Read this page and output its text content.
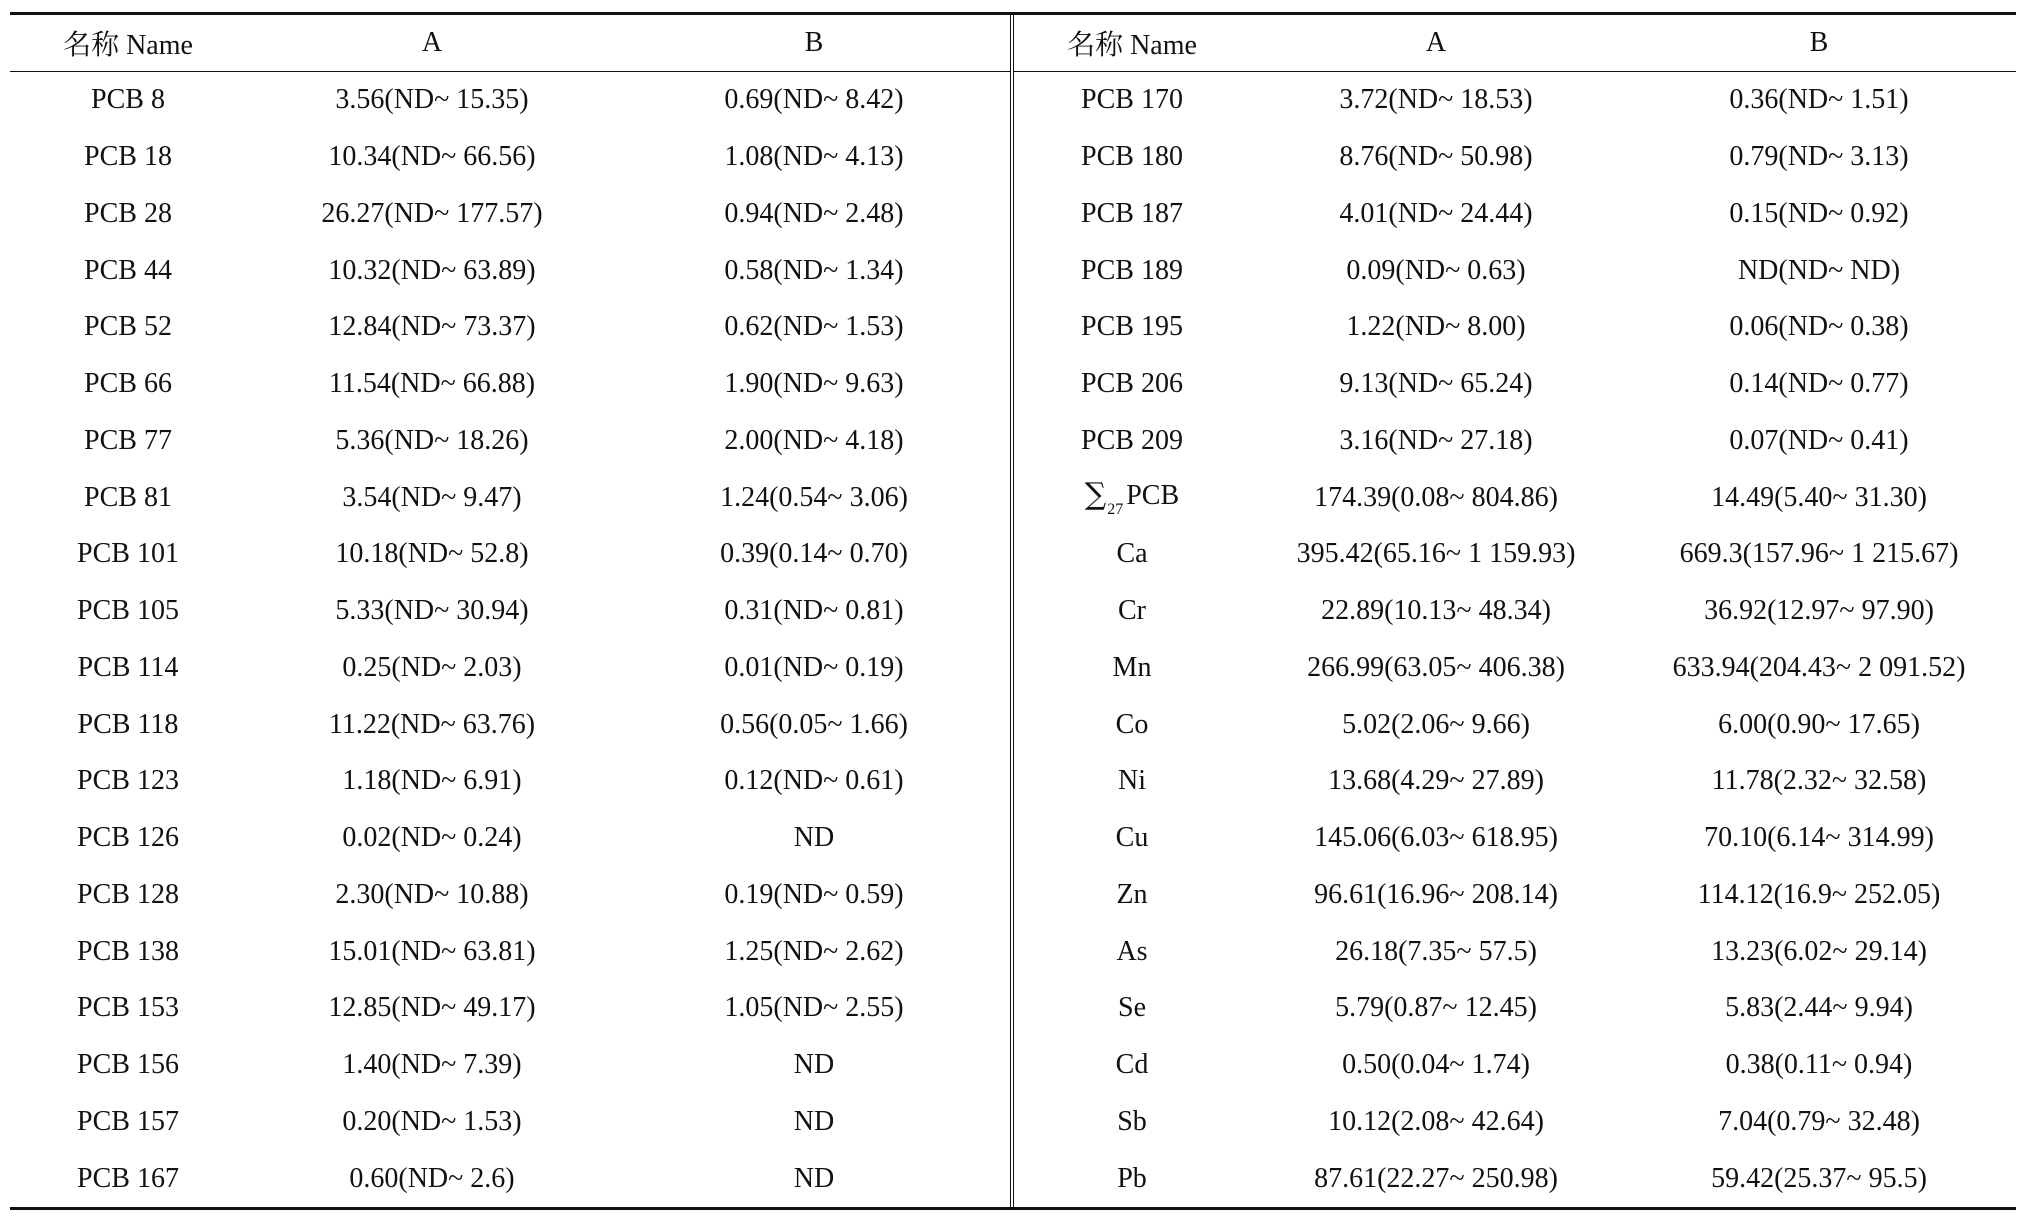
名称 Name	A	B
PCB 8	3.56(ND~ 15.35)	0.69(ND~ 8.42)
PCB 18	10.34(ND~ 66.56)	1.08(ND~ 4.13)
PCB 28	26.27(ND~ 177.57)	0.94(ND~ 2.48)
PCB 44	10.32(ND~ 63.89)	0.58(ND~ 1.34)
PCB 52	12.84(ND~ 73.37)	0.62(ND~ 1.53)
PCB 66	11.54(ND~ 66.88)	1.90(ND~ 9.63)
PCB 77	5.36(ND~ 18.26)	2.00(ND~ 4.18)
PCB 81	3.54(ND~ 9.47)	1.24(0.54~ 3.06)
PCB 101	10.18(ND~ 52.8)	0.39(0.14~ 0.70)
PCB 105	5.33(ND~ 30.94)	0.31(ND~ 0.81)
PCB 114	0.25(ND~ 2.03)	0.01(ND~ 0.19)
PCB 118	11.22(ND~ 63.76)	0.56(0.05~ 1.66)
PCB 123	1.18(ND~ 6.91)	0.12(ND~ 0.61)
PCB 126	0.02(ND~ 0.24)	ND
PCB 128	2.30(ND~ 10.88)	0.19(ND~ 0.59)
PCB 138	15.01(ND~ 63.81)	1.25(ND~ 2.62)
PCB 153	12.85(ND~ 49.17)	1.05(ND~ 2.55)
PCB 156	1.40(ND~ 7.39)	ND
PCB 157	0.20(ND~ 1.53)	ND
PCB 167	0.60(ND~ 2.6)	ND
名称 Name	A	B
PCB 170	3.72(ND~ 18.53)	0.36(ND~ 1.51)
PCB 180	8.76(ND~ 50.98)	0.79(ND~ 3.13)
PCB 187	4.01(ND~ 24.44)	0.15(ND~ 0.92)
PCB 189	0.09(ND~ 0.63)	ND(ND~ ND)
PCB 195	1.22(ND~ 8.00)	0.06(ND~ 0.38)
PCB 206	9.13(ND~ 65.24)	0.14(ND~ 0.77)
PCB 209	3.16(ND~ 27.18)	0.07(ND~ 0.41)
$\sum_{27}$ PCB	174.39(0.08~ 804.86)	14.49(5.40~ 31.30)
Ca	395.42(65.16~ 1 159.93)	669.3(157.96~ 1 215.67)
Cr	22.89(10.13~ 48.34)	36.92(12.97~ 97.90)
Mn	266.99(63.05~ 406.38)	633.94(204.43~ 2 091.52)
Co	5.02(2.06~ 9.66)	6.00(0.90~ 17.65)
Ni	13.68(4.29~ 27.89)	11.78(2.32~ 32.58)
Cu	145.06(6.03~ 618.95)	70.10(6.14~ 314.99)
Zn	96.61(16.96~ 208.14)	114.12(16.9~ 252.05)
As	26.18(7.35~ 57.5)	13.23(6.02~ 29.14)
Se	5.79(0.87~ 12.45)	5.83(2.44~ 9.94)
Cd	0.50(0.04~ 1.74)	0.38(0.11~ 0.94)
Sb	10.12(2.08~ 42.64)	7.04(0.79~ 32.48)
Pb	87.61(22.27~ 250.98)	59.42(25.37~ 95.5)
